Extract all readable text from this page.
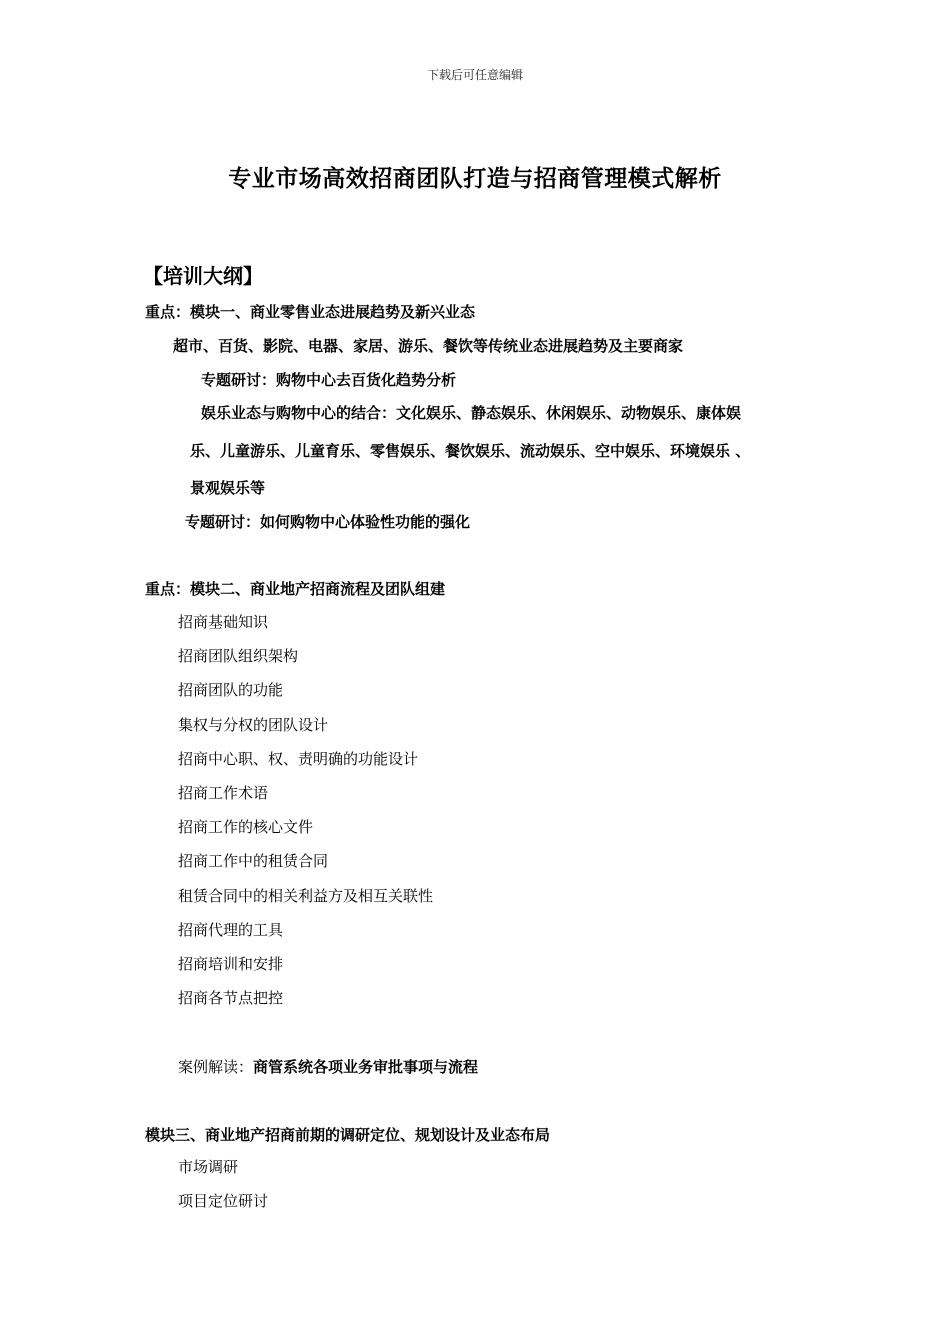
下载后可任意编辑
专业市场高效招商团队打造与招商管理模式解析
【培训大纲】
重点：模块一、商业零售业态进展趋势及新兴业态
超市、百货、影院、电器、家居、游乐、餐饮等传统业态进展趋势及主要商家
专题研讨：购物中心去百货化趋势分析
娱乐业态与购物中心的结合：文化娱乐、静态娱乐、休闲娱乐、动物娱乐、康体娱
乐、儿童游乐、儿童育乐、零售娱乐、餐饮娱乐、流动娱乐、空中娱乐、环境娱乐 、
景观娱乐等
专题研讨：如何购物中心体验性功能的强化
重点：模块二、商业地产招商流程及团队组建
招商基础知识
招商团队组织架构
招商团队的功能
集权与分权的团队设计
招商中心职、权、责明确的功能设计
招商工作术语
招商工作的核心文件
招商工作中的租赁合同
租赁合同中的相关利益方及相互关联性
招商代理的工具
招商培训和安排
招商各节点把控
案例解读：商管系统各项业务审批事项与流程
模块三、商业地产招商前期的调研定位、规划设计及业态布局
市场调研
项目定位研讨
